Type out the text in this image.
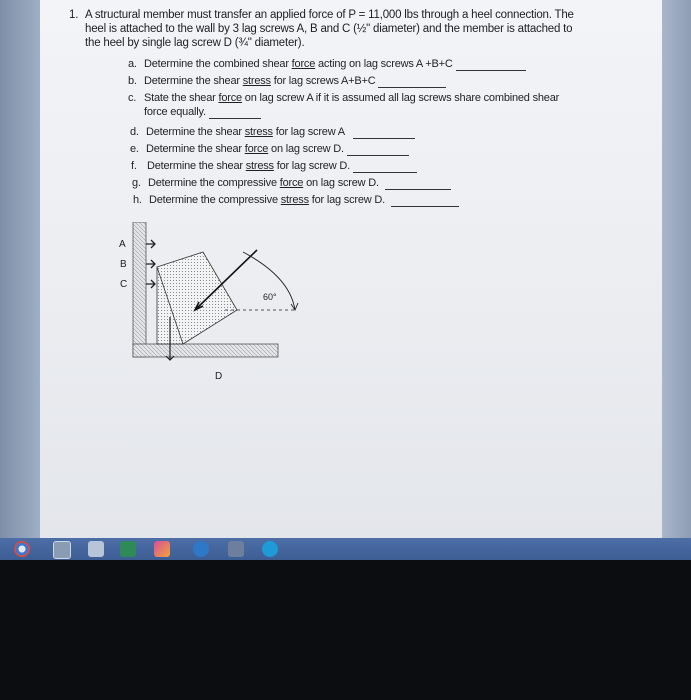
1. A structural member must transfer an applied force of P = 11,000 lbs through a heel connection. The
heel is attached to the wall by 3 lag screws A, B and C (½" diameter) and the member is attached to
the heel by single lag screw D (¾" diameter).
a. Determine the combined shear force acting on lag screws A +B+C
b. Determine the shear stress for lag screws A+B+C
c. State the shear force on lag screw A if it is assumed all lag screws share combined shear
force equally.
d. Determine the shear stress for lag screw A
e. Determine the shear force on lag screw D.
f. Determine the shear stress for lag screw D.
g. Determine the compressive force on lag screw D.
h. Determine the compressive stress for lag screw D.
A
B
C
D
60°
